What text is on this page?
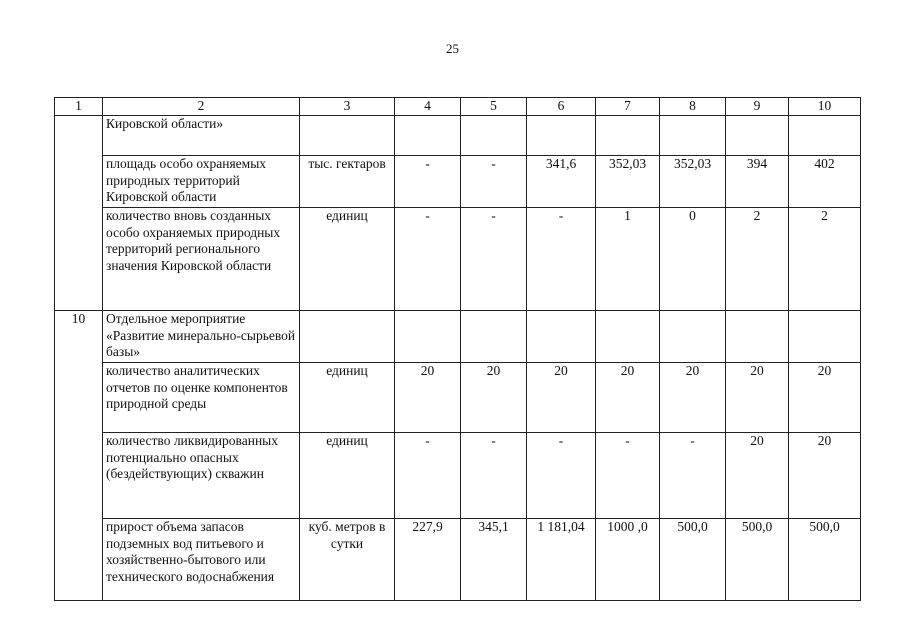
25
1	2	3	4	5	6	7	8	9	10
	Кировской области»								
	площадь особо охраняемых природных территорий Кировской области	тыс. гектаров	-	-	341,6	352,03	352,03	394	402
	количество вновь созданных особо охраняемых природных территорий регионального значения Кировской области	единиц	-	-	-	1	0	2	2
10	Отдельное мероприятие «Развитие минерально-сырьевой базы»								
	количество аналитических отчетов по оценке компонентов природной среды	единиц	20	20	20	20	20	20	20
	количество ликвидированных потенциально опасных (бездействующих) скважин	единиц	-	-	-	-	-	20	20
	прирост объема запасов подземных вод питьевого и хозяйственно-бытового или технического водоснабжения	куб. метров в сутки	227,9	345,1	1 181,04	1000 ,0	500,0	500,0	500,0
